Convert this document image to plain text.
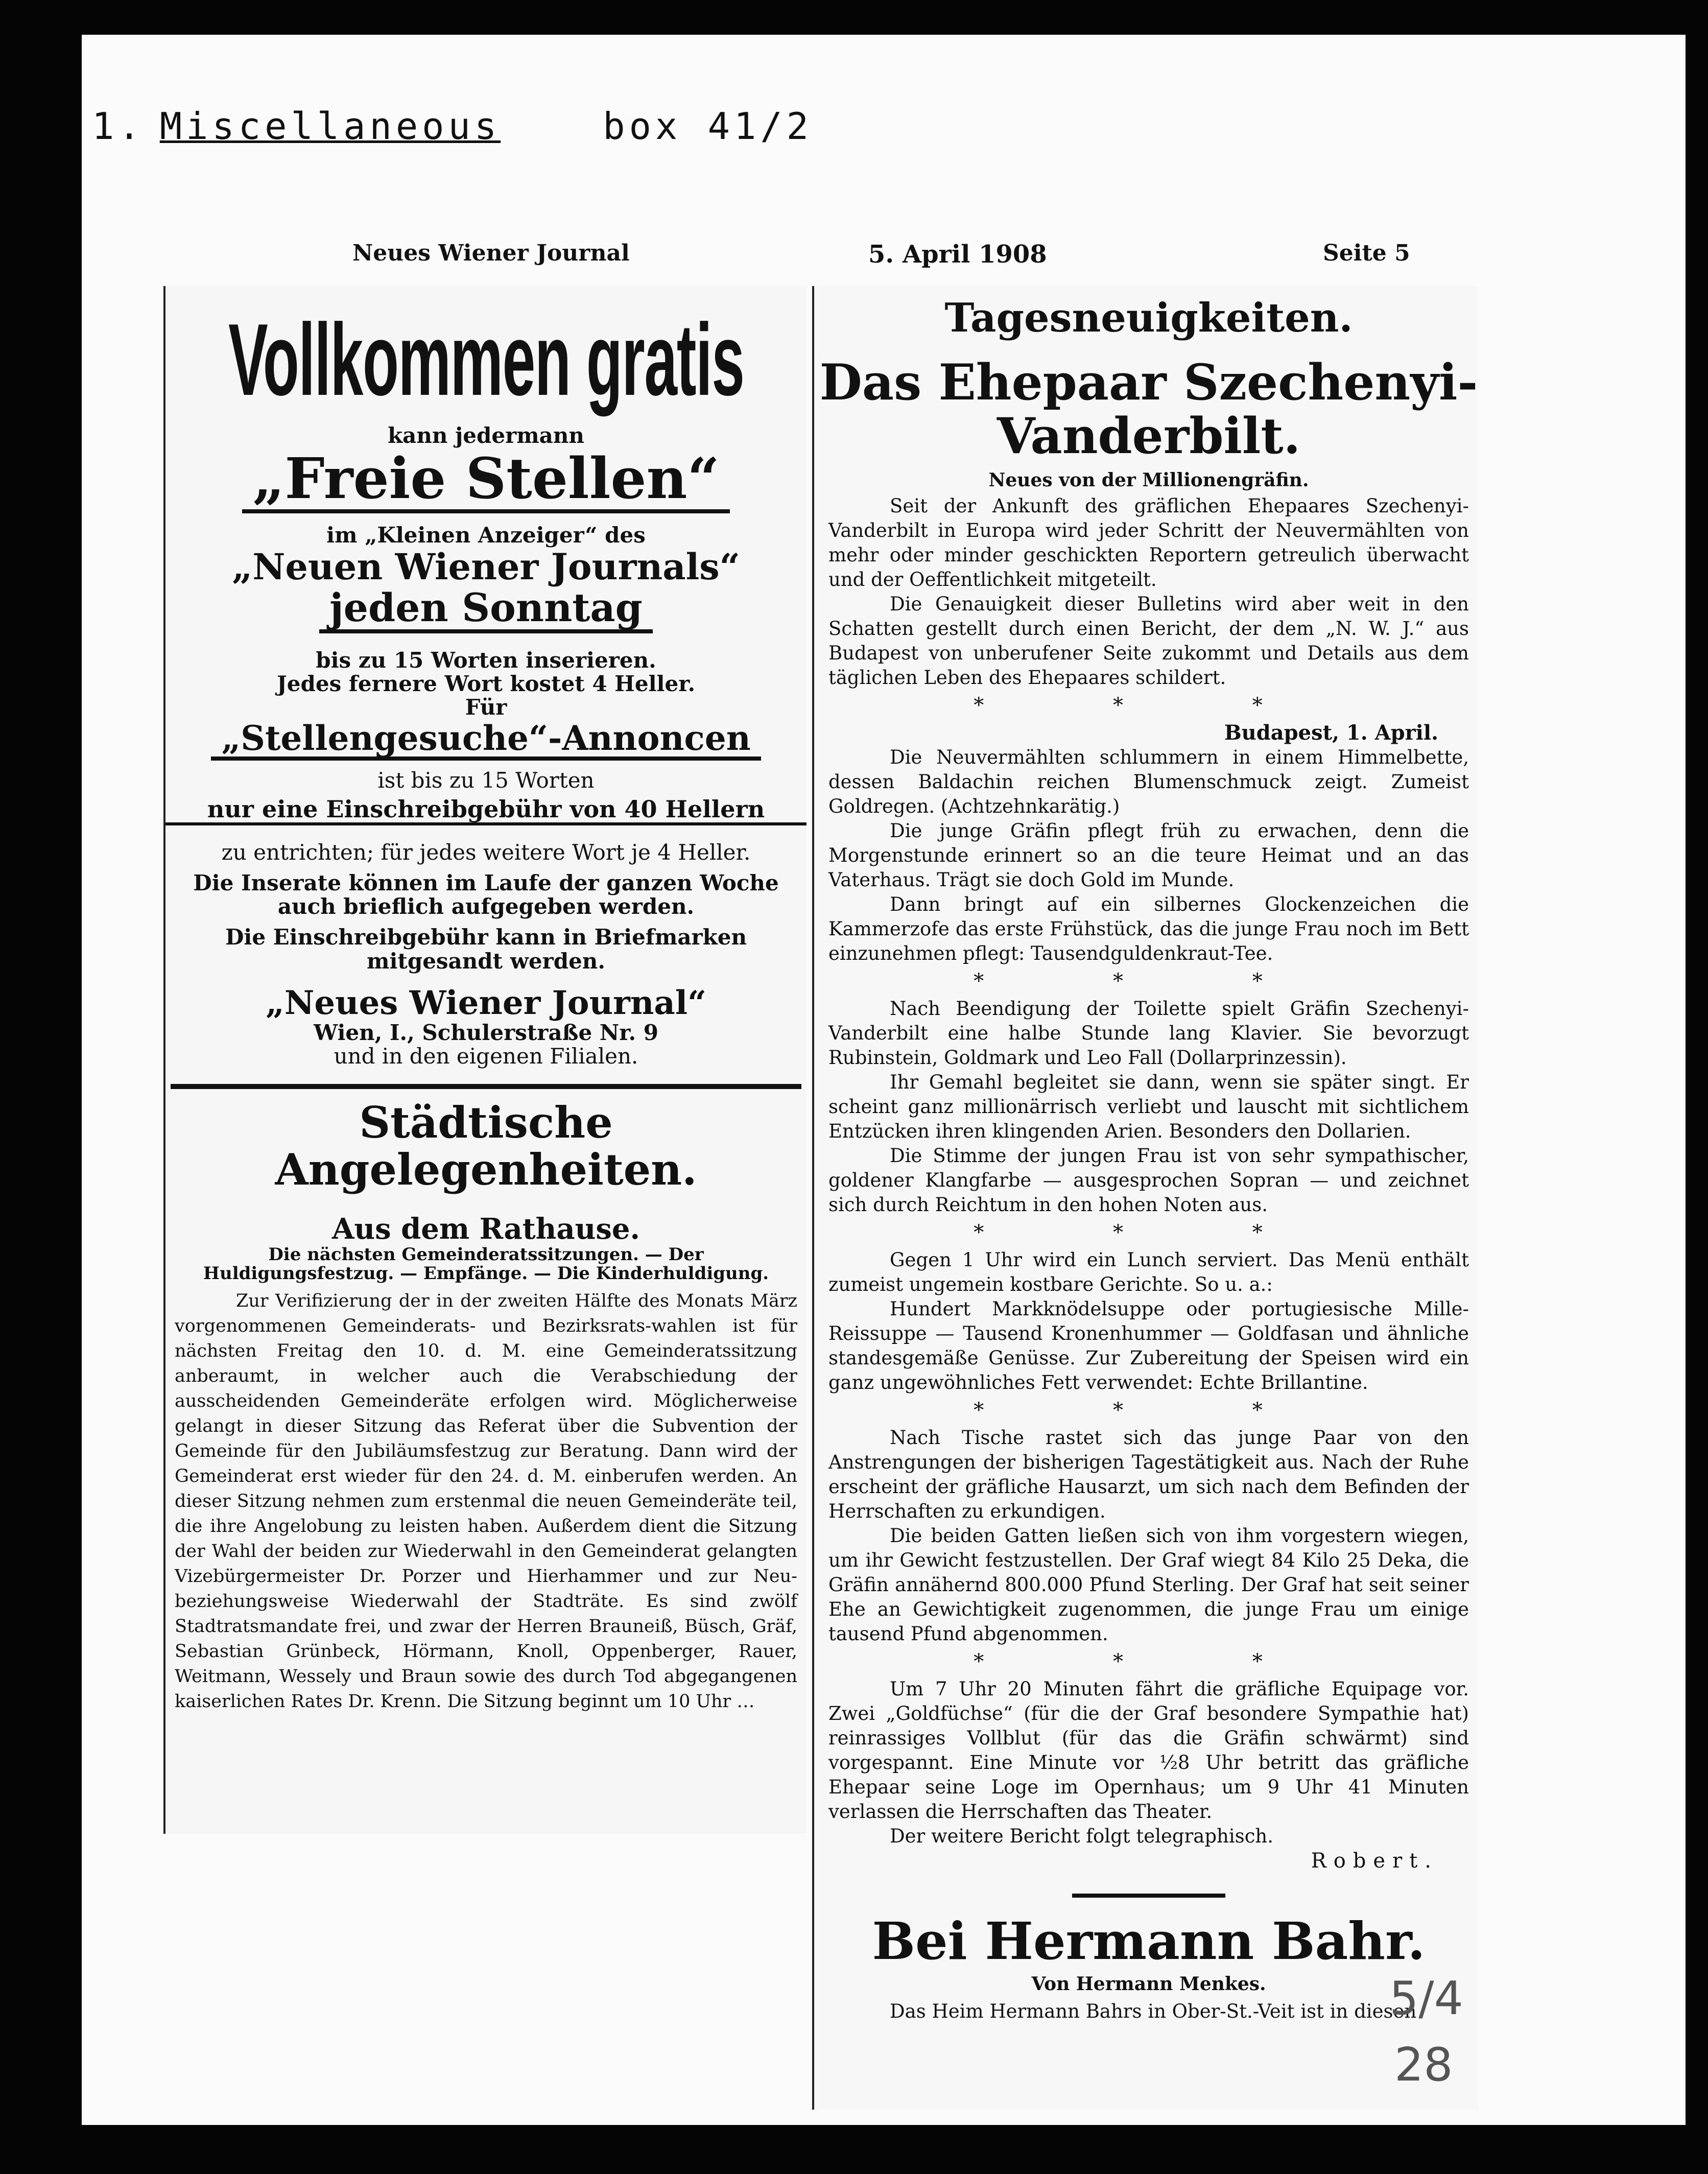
1. Miscellaneous	box 41/2
Neues Wiener Journal	5. April 1908	Seite 5
Vollkommen gratis
kann jedermann
„Freie Stellen“
im „Kleinen Anzeiger“ des
„Neuen Wiener Journals“
jeden Sonntag
bis zu 15 Worten inserieren.
Jedes fernere Wort kostet 4 Heller.
Für
„Stellengesuche“-Annoncen
ist bis zu 15 Worten
nur eine Einschreibgebühr von 40 Hellern
zu entrichten; für jedes weitere Wort je 4 Heller.
Die Inserate können im Laufe der ganzen Woche auch brieflich aufgegeben werden.
Die Einschreibgebühr kann in Briefmarken mitgesandt werden.
„Neues Wiener Journal“
Wien, I., Schulerstraße Nr. 9
und in den eigenen Filialen.
Städtische Angelegenheiten.
Aus dem Rathause.
Die nächsten Gemeinderatssitzungen. — Der Huldigungsfestzug. — Empfänge. — Die Kinderhuldigung.

Zur Verifizierung der in der zweiten Hälfte des Monats März vorgenommenen Gemeinderats- und Bezirksrats-wahlen ist für nächsten Freitag den 10. d. M. eine Gemeinderatssitzung anberaumt, in welcher auch die Verabschiedung der ausscheidenden Gemeinderäte erfolgen wird. Möglicherweise gelangt in dieser Sitzung das Referat über die Subvention der Gemeinde für den Jubiläumsfestzug zur Beratung. Dann wird der Gemeinderat erst wieder für den 24. d. M. einberufen werden. An dieser Sitzung nehmen zum erstenmal die neuen Gemeinderäte teil, die ihre Angelobung zu leisten haben. Außerdem dient die Sitzung der Wahl der beiden zur Wiederwahl in den Gemeinderat gelangten Vizebürgermeister Dr. Porzer und Hierhammer und zur Neu- beziehungsweise Wiederwahl der Stadträte. Es sind zwölf Stadtratsmandate frei, und zwar der Herren Brauneiß, Büsch, Gräf, Sebastian Grünbeck, Hörmann, Knoll, Oppenberger, Rauer, Weitmann, Wessely und Braun sowie des durch Tod abgegangenen kaiserlichen Rates Dr. Krenn. Die Sitzung beginnt um 10 Uhr …

Tagesneuigkeiten.
Das Ehepaar Szechenyi-
Vanderbilt.
Neues von der Millionengräfin.

Seit der Ankunft des gräflichen Ehepaares Szechenyi-Vanderbilt in Europa wird jeder Schritt der Neuvermählten von mehr oder minder geschickten Reportern getreulich überwacht und der Oeffentlichkeit mitgeteilt.

Die Genauigkeit dieser Bulletins wird aber weit in den Schatten gestellt durch einen Bericht, der dem „N. W. J.“ aus Budapest von unberufener Seite zukommt und Details aus dem täglichen Leben des Ehepaares schildert.

* * *
Budapest, 1. April.

Die Neuvermählten schlummern in einem Himmelbette, dessen Baldachin reichen Blumenschmuck zeigt. Zumeist Goldregen. (Achtzehnkarätig.)

Die junge Gräfin pflegt früh zu erwachen, denn die Morgenstunde erinnert so an die teure Heimat und an das Vaterhaus. Trägt sie doch Gold im Munde.

Dann bringt auf ein silbernes Glockenzeichen die Kammerzofe das erste Frühstück, das die junge Frau noch im Bett einzunehmen pflegt: Tausendguldenkraut-Tee.

* * *

Nach Beendigung der Toilette spielt Gräfin Szechenyi-Vanderbilt eine halbe Stunde lang Klavier. Sie bevorzugt Rubinstein, Goldmark und Leo Fall (Dollarprinzessin).

Ihr Gemahl begleitet sie dann, wenn sie später singt. Er scheint ganz millionärrisch verliebt und lauscht mit sichtlichem Entzücken ihren klingenden Arien. Besonders den Dollarien.

Die Stimme der jungen Frau ist von sehr sympathischer, goldener Klangfarbe — ausgesprochen Sopran — und zeichnet sich durch Reichtum in den hohen Noten aus.

* * *

Gegen 1 Uhr wird ein Lunch serviert. Das Menü enthält zumeist ungemein kostbare Gerichte. So u. a.:

Hundert Markknödelsuppe oder portugiesische Mille-Reissuppe — Tausend Kronenhummer — Goldfasan und ähnliche standesgemäße Genüsse. Zur Zubereitung der Speisen wird ein ganz ungewöhnliches Fett verwendet: Echte Brillantine.

* * *

Nach Tische rastet sich das junge Paar von den Anstrengungen der bisherigen Tagestätigkeit aus. Nach der Ruhe erscheint der gräfliche Hausarzt, um sich nach dem Befinden der Herrschaften zu erkundigen.

Die beiden Gatten ließen sich von ihm vorgestern wiegen, um ihr Gewicht festzustellen. Der Graf wiegt 84 Kilo 25 Deka, die Gräfin annähernd 800.000 Pfund Sterling. Der Graf hat seit seiner Ehe an Gewichtigkeit zugenommen, die junge Frau um einige tausend Pfund abgenommen.

* * *

Um 7 Uhr 20 Minuten fährt die gräfliche Equipage vor. Zwei „Goldfüchse“ (für die der Graf besondere Sympathie hat) reinrassiges Vollblut (für das die Gräfin schwärmt) sind vorgespannt. Eine Minute vor ½8 Uhr betritt das gräfliche Ehepaar seine Loge im Opernhaus; um 9 Uhr 41 Minuten verlassen die Herrschaften das Theater.

Der weitere Bericht folgt telegraphisch.

Robert.
Bei Hermann Bahr.
Von Hermann Menkes.

Das Heim Hermann Bahrs in Ober-St.-Veit ist in diesen

5/4
28
